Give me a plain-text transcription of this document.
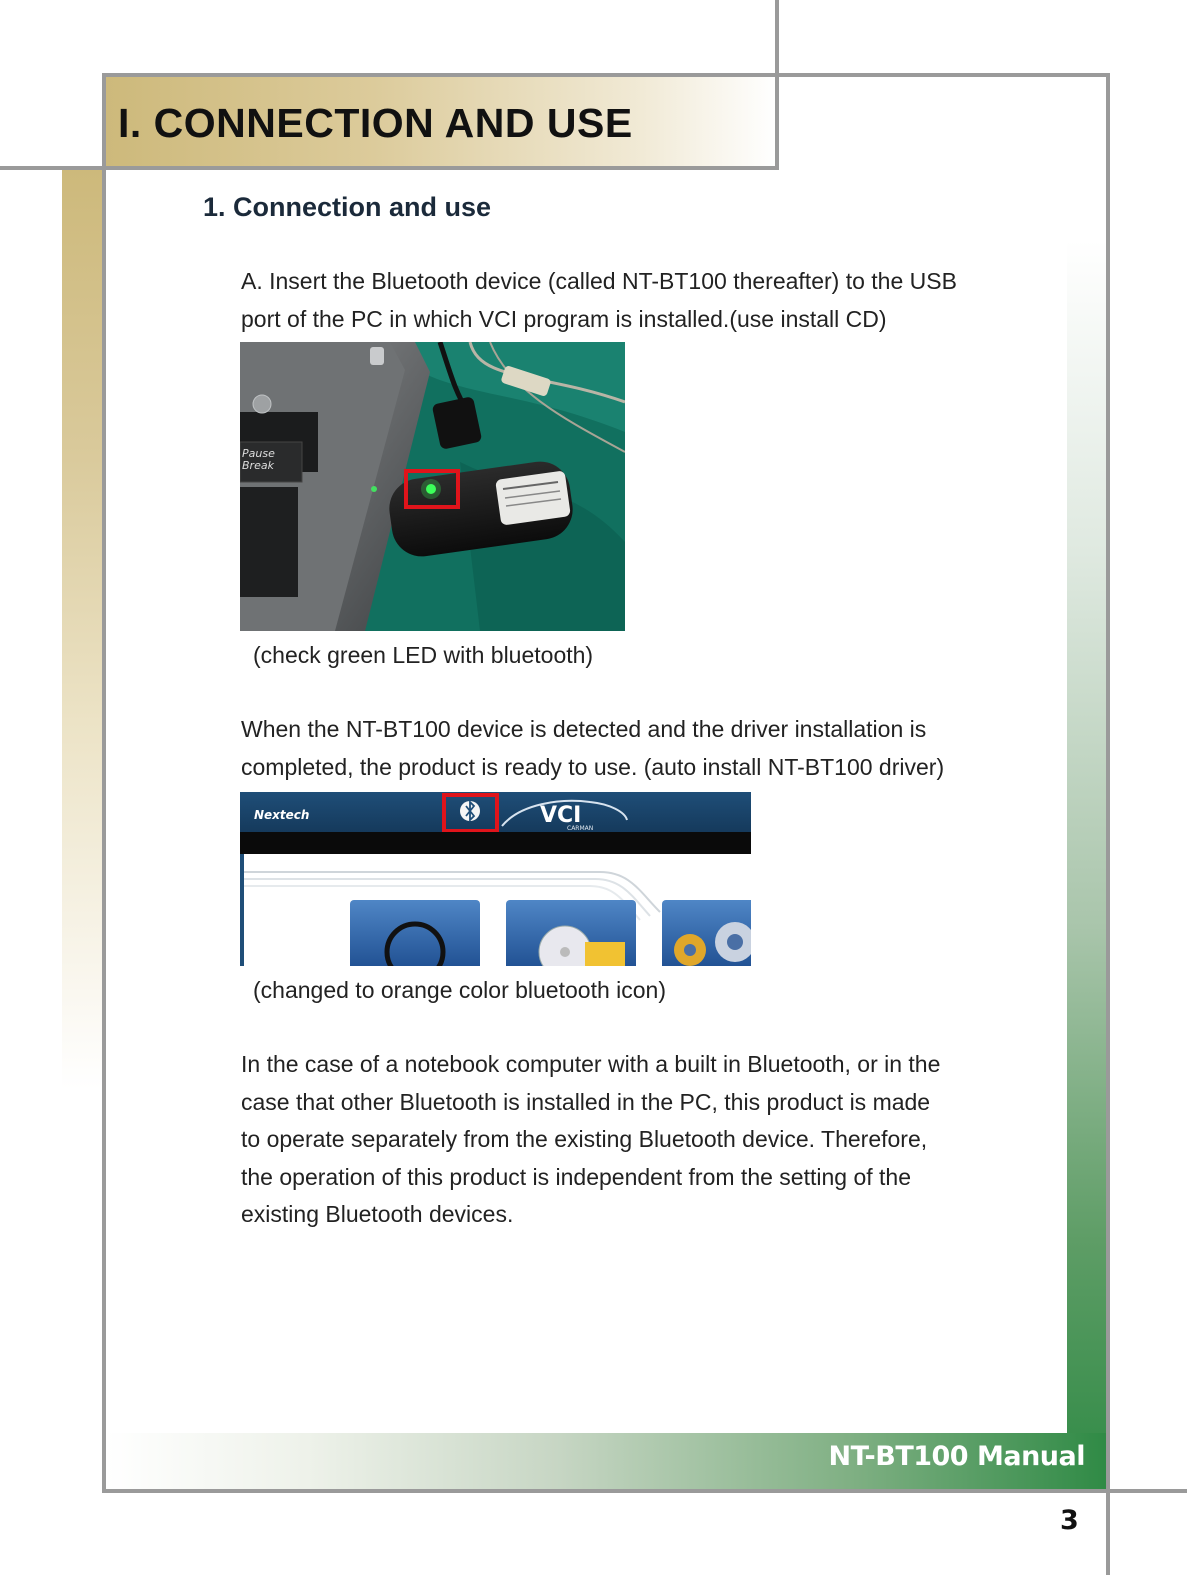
I. CONNECTION AND USE
1. Connection and use
A. Insert the Bluetooth device (called NT-BT100 thereafter) to the USB
port of the PC in which VCI program is installed.(use install CD)
Pause
Break
(check green LED with bluetooth)
When the NT-BT100 device is detected and the driver installation is
completed, the product is ready to use. (auto install NT-BT100 driver)
Nextech	VCI
CARMAN
(changed to orange color bluetooth icon)
In the case of a notebook computer with a built in Bluetooth, or in the
case that other Bluetooth is installed in the PC, this product is made
to operate separately from the existing Bluetooth device. Therefore,
the operation of this product is independent from the setting of the
existing Bluetooth devices.
NT-BT100 Manual
3
